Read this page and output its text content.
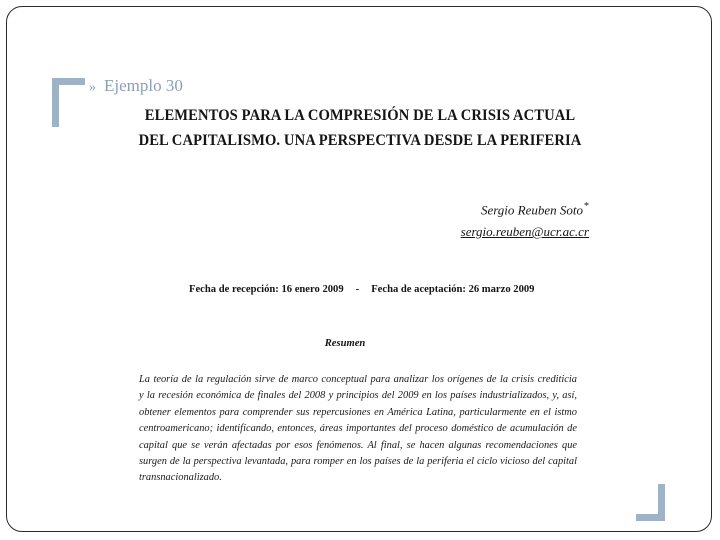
» Ejemplo 30
ELEMENTOS PARA LA COMPRESIÓN DE LA CRISIS ACTUAL
DEL CAPITALISMO. UNA PERSPECTIVA DESDE LA PERIFERIA
Sergio Reuben Soto*
sergio.reuben@ucr.ac.cr
Fecha de recepción: 16 enero 2009 - Fecha de aceptación: 26 marzo 2009
Resumen
La teoría de la regulación sirve de marco conceptual para analizar los orígenes de la crisis crediticia
y la recesión económica de finales del 2008 y principios del 2009 en los países industrializados, y, así,
obtener elementos para comprender sus repercusiones en América Latina, particularmente en el istmo
centroamericano; identificando, entonces, áreas importantes del proceso doméstico de acumulación de
capital que se verán afectadas por esos fenómenos. Al final, se hacen algunas recomendaciones que
surgen de la perspectiva levantada, para romper en los países de la periferia el ciclo vicioso del capital
transnacionalizado.
